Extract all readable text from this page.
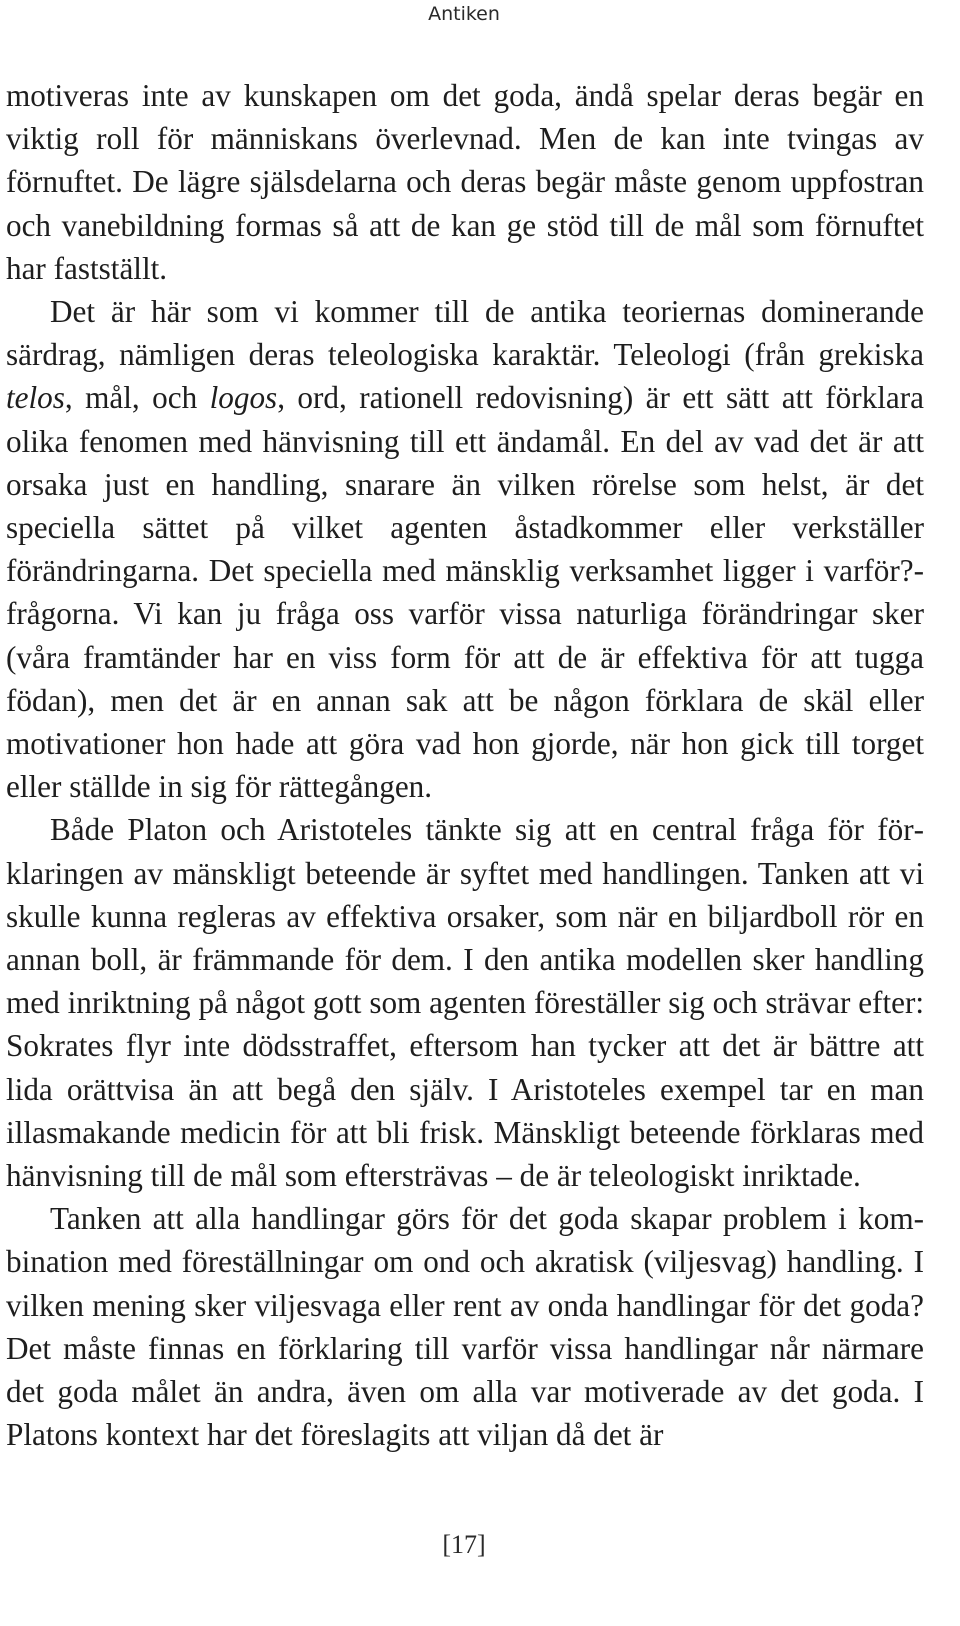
Antiken

motiveras inte av kunskapen om det goda, ändå spelar deras begär en viktig roll för människans överlevnad. Men de kan inte tvingas av förnuftet. De lägre själsdelarna och deras begär måste genom uppfostran och vanebildning formas så att de kan ge stöd till de mål som förnuftet har fastställt.

Det är här som vi kommer till de antika teoriernas dominerande särdrag, nämligen deras teleologiska karaktär. Teleologi (från grekiska telos, mål, och logos, ord, rationell redovisning) är ett sätt att förklara olika fenomen med hänvisning till ett ändamål. En del av vad det är att orsaka just en handling, snarare än vilken rörelse som helst, är det speciella sättet på vilket agenten åstadkommer eller verkställer förändringarna. Det speciella med mänsklig verksamhet ligger i varför?-frågorna. Vi kan ju fråga oss varför vissa naturliga förändringar sker (våra framtänder har en viss form för att de är effektiva för att tugga födan), men det är en annan sak att be någon förklara de skäl eller motivationer hon hade att göra vad hon gjorde, när hon gick till torget eller ställde in sig för rättegången.

Både Platon och Aristoteles tänkte sig att en central fråga för förklaringen av mänskligt beteende är syftet med handlingen. Tanken att vi skulle kunna regleras av effektiva orsaker, som när en biljardboll rör en annan boll, är främmande för dem. I den antika modellen sker handling med inriktning på något gott som agenten föreställer sig och strävar efter: Sokrates flyr inte dödsstraffet, eftersom han tycker att det är bättre att lida orättvisa än att begå den själv. I Aristoteles exempel tar en man illasmakande medicin för att bli frisk. Mänskligt beteende förklaras med hänvisning till de mål som eftersträvas – de är teleologiskt inriktade.

Tanken att alla handlingar görs för det goda skapar problem i kombination med föreställningar om ond och akratisk (viljesvag) handling. I vilken mening sker viljesvaga eller rent av onda handlingar för det goda? Det måste finnas en förklaring till varför vissa handlingar når närmare det goda målet än andra, även om alla var motiverade av det goda. I Platons kontext har det föreslagits att viljan då det är

[17]
